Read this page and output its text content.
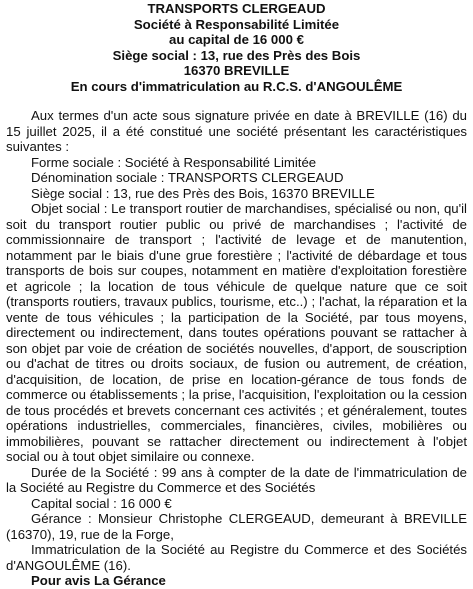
TRANSPORTS CLERGEAUD
Société à Responsabilité Limitée
au capital de 16 000 €
Siège social : 13, rue des Près des Bois
16370 BREVILLE
En cours d'immatriculation au R.C.S. d'ANGOULÊME

Aux termes d'un acte sous signature privée en date à BREVILLE (16) du 15 juillet 2025, il a été constitué une société présentant les caractéristiques suivantes :

Forme sociale : Société à Responsabilité Limitée

Dénomination sociale : TRANSPORTS CLERGEAUD

Siège social : 13, rue des Près des Bois, 16370 BREVILLE

Objet social : Le transport routier de marchandises, spécialisé ou non, qu'il soit du transport routier public ou privé de marchandises ; l'activité de commissionnaire de transport ; l'activité de levage et de manutention, notamment par le biais d'une grue forestière ; l'activité de débardage et tous transports de bois sur coupes, notamment en matière d'exploitation forestière et agricole ; la location de tous véhicule de quelque nature que ce soit (transports routiers, travaux publics, tourisme, etc..) ; l'achat, la réparation et la vente de tous véhicules ; la participation de la Société, par tous moyens, directement ou indirectement, dans toutes opérations pouvant se rattacher à son objet par voie de création de sociétés nouvelles, d'apport, de souscription ou d'achat de titres ou droits sociaux, de fusion ou autrement, de création, d'acquisition, de location, de prise en location-gérance de tous fonds de commerce ou établissements ; la prise, l'acquisition, l'exploitation ou la cession de tous procédés et brevets concernant ces activités ; et généralement, toutes opérations industrielles, commerciales, financières, civiles, mobilières ou immobilières, pouvant se rattacher directement ou indirectement à l'objet social ou à tout objet similaire ou connexe.

Durée de la Société : 99 ans à compter de la date de l'immatriculation de la Société au Registre du Commerce et des Sociétés

Capital social : 16 000 €

Gérance : Monsieur Christophe CLERGEAUD, demeurant à BREVILLE (16370), 19, rue de la Forge,

Immatriculation de la Société au Registre du Commerce et des Sociétés d'ANGOULÊME (16).

Pour avis La Gérance
